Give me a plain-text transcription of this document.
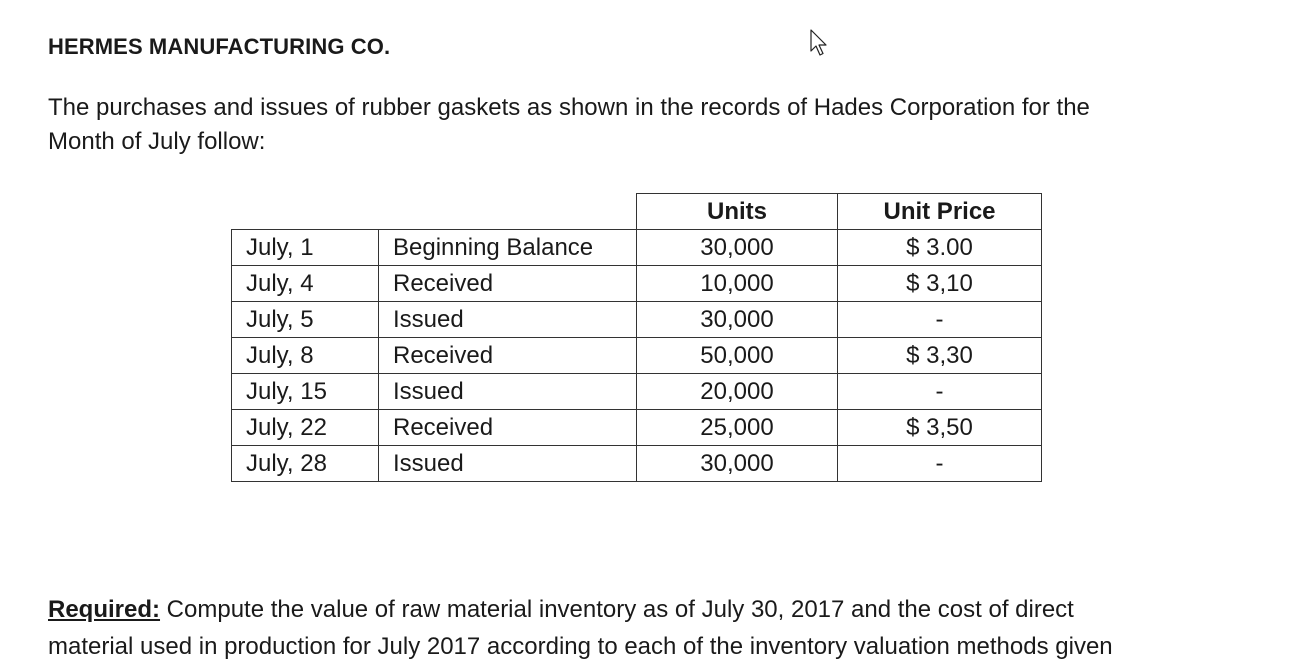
HERMES MANUFACTURING CO.
The purchases and issues of rubber gaskets as shown in the records of Hades Corporation for the
Month of July follow:
		Units	Unit Price
July, 1	Beginning Balance	30,000	$ 3.00
July, 4	Received	10,000	$ 3,10
July, 5	Issued	30,000	-
July, 8	Received	50,000	$ 3,30
July, 15	Issued	20,000	-
July, 22	Received	25,000	$ 3,50
July, 28	Issued	30,000	-
Required: Compute the value of raw material inventory as of July 30, 2017 and the cost of direct
material used in production for July 2017 according to each of the inventory valuation methods given
